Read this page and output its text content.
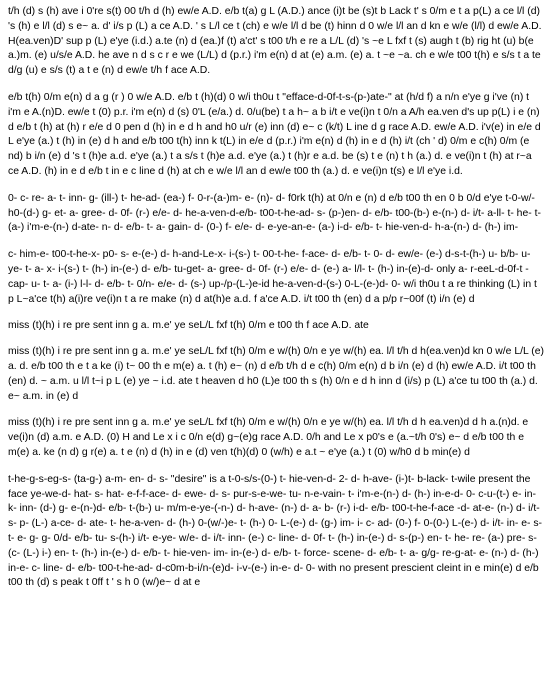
t/h (d) s (h) ave i 0're s(t) 00 t/h d (h) ew/e A.D. e/b t(a) g L (A.D.) ance (i)t be (s)t b Lack t' s 0/m e t a p(L) a ce l/l (d) 's (h) e l/l (d) s e~ a. d' i/s p (L) a ce A.D. ' s L/l ce t (ch) e w/e l/l d be (t) hinn d 0 w/e l/l an d kn e w/e (l/l) d ew/e A.D. H(ea.ven)D' sup p (L) e'ye (i.d.) a.te (n) d (ea.)f (t) a'ct' s t00 t/h e re a L/L (d) 's ~e L fxf t (s) augh t (b) rig ht (u) b(e a.)m. (e) u/s/e A.D. he ave n d s c r e we (L/L) d (p.r.) i'm e(n) d at (e) a.m. (e) a. t ~e ~a. ch e w/e t00 t(h) e s/s t a te d/g (u) e s/s (t) a t e (n) d ew/e t/h f ace A.D.

e/b t(h) 0/m e(n) d a g (r ) 0 w/e A.D. e/b t (h)(d) 0 w/i th0u t "efface-d-0f-t-s-(p-)ate-" at (h/d f) a n/n e'ye g i've (n) t i'm e A.(n)D. ew/e t (0) p.r. i'm e(n) d (s) 0'L (e/a.) d. 0/u(be) t a h~ a b i/t e ve(i)n t 0/n a A/h ea.ven d's up p(L) i e (n) d e/b t (h) at (h) r e/e d 0 pen d (h) in e d h and h0 u/r (e) inn (d) e~ c (k/t) L ine d g race A.D. ew/e A.D. i'v(e) in e/e d L e'ye (a.) t (h) in (e) d h and e/b t00 t(h) inn k t(L) in e/e d (p.r.) i'm e(n) d (h) in e d (h) i/t (ch ' d) 0/m e c(h) 0/m (e nd) b i/n (e) d 's t (h)e a.d. e'ye (a.) t a s/s t (h)e a.d. e'ye (a.) t (h)r e a.d. be (s) t e (n) t h (a.) d. e ve(i)n t (h) at r~a ce A.D. (h) in e d e/b t in e c line d (h) at ch e w/e l/l an d ew/e t00 th (a.) d. e ve(i)n t(s) e l/l e'ye i.d.

0- c- re- a- t- inn- g- (ill-) t- he-ad- (ea-) f- 0-r-(a-)m- e- (n)- d- f0rk t(h) at 0/n e (n) d e/b t00 th en 0 b 0/d e'ye t-0-w/-h0-(d-) g- et- a- gree- d- 0f- (r-) e/e- d- he-a-ven-d-e/b- t00-t-he-ad- s- (p-)en- d- e/b- t00-(b-) e-(n-) d- i/t- a-ll- t- he- t- (a-) i'm-e-(n-) d-ate- n- d- e/b- t- a- gain- d- (0-) f- e/e- d- e-ye-an-e- (a-) i-d- e/b- t- hie-ven-d- h-a-(n-) d- (h-) im-

c- him-e- t00-t-he-x- p0- s- e-(e-) d- h-and-Le-x- i-(s-) t- 00-t-he- f-ace- d- e/b- t- 0- d- ew/e- (e-) d-s-t-(h-) u- b/b- u-ye- t- a- x- i-(s-) t- (h-) in-(e-) d- e/b- tu-get- a- gree- d- 0f- (r-) e/e- d- (e-) a- l/l- t- (h-) in-(e)-d- only a- r-eeL-d-0f-t -cap- u- t- a- (i-) l-l- d- e/b- t- 0/n- e/e- d- (s-) up-/p-(L-)e-id he-a-ven-d-(s-) 0-L-(e-)d- 0- w/i th0u t a re thinking (L) in t p L~a'ce t(h) a(i)re ve(i)n t a re make (n) d at(h)e a.d. f a'ce A.D. i/t t00 th (en) d a p/p r~00f (t) i/n (e) d

miss (t)(h) i re pre sent inn g a. m.e' ye seL/L fxf t(h) 0/m e t00 th f ace A.D. ate

miss (t)(h) i re pre sent inn g a. m.e' ye seL/L fxf t(h) 0/m e w/(h) 0/n e ye w/(h) ea. l/l t/h d h(ea.ven)d kn 0 w/e L/L (e) a. d. e/b t00 th e t a ke (i) t~ 00 th e m(e) a. t (h) e~ (n) d e/b t/h d e c(h) 0/m e(n) d b i/n (e) d (h) ew/e A.D. i/t t00 th (en) d. ~ a.m. u l/l t~i p L (e) ye ~ i.d. ate t heaven d h0 (L)e t00 th s (h) 0/n e d h inn d (i/s) p (L) a'ce tu t00 th (a.) d. e~ a.m. in (e) d

miss (t)(h) i re pre sent inn g a. m.e' ye seL/L fxf t(h) 0/m e w/(h) 0/n e ye w/(h) ea. l/l t/h d h ea.ven)d d h a.(n)d. e ve(i)n (d) a.m. e A.D. (0) H and Le x i c 0/n e(d) g~(e)g race A.D. 0/h and Le x p0's e (a.~t/h 0's) e~ d e/b t00 th e m(e) a. ke (n d) g r(e) a. t e (n) d (h) in e (d) ven t(h)(d) 0 (w/h) e a.t ~ e'ye (a.) t (0) w/h0 d b min(e) d

t-he-g-s-eg-s- (ta-g-) a-m- en- d- s- "desire" is a t-0-s/s-(0-) t- hie-ven-d- 2- d- h-ave- (i-)t- b-lack- t-wile present the face ye-we-d- hat- s- hat- e-f-f-ace- d- ewe- d- s- pur-s-e-we- tu- n-e-vain- t- i'm-e-(n-) d- (h-) in-e-d- 0- c-u-(t-) e- in- k- inn- (d-) g- e-(n-)d- e/b- t-(b-) u- m/m-e-ye-(-n-) d- h-ave- (n-) d- a- b- (r-) i-d- e/b- t00-t-he-f-ace -d- at-e- (n-) d- i/t- s- p- (L-) a-ce- d- ate- t- he-a-ven- d- (h-) 0-(w/-)e- t- (h-) 0- L-(e-) d- (g-) im- i- c- ad- (0-) f- 0-(0-) L-(e-) d- i/t- in- e- s- t- e- g- g- 0/d- e/b- tu- s-(h-) i/t- e-ye- w/e- d- i/t- inn- (e-) c- line- d- 0f- t- (h-) in-(e-) d- s-(p-) en- t- he- re- (a-) pre- s- (c- (L-) i-) en- t- (h-) in-(e-) d- e/b- t- hie-ven- im- in-(e-) d- e/b- t- force- scene- d- e/b- t- a- g/g- re-g-at- e- (n-) d- (h-) in-e- c- line- d- e/b- t00-t-he-ad- d-c0m-b-i/n-(e)d- i-v-(e-) in-e- d- 0- with no present prescient cleint in e min(e) d e/b t00 th (d) s peak t 0ff t ' s h 0 (w/)e~ d at e
